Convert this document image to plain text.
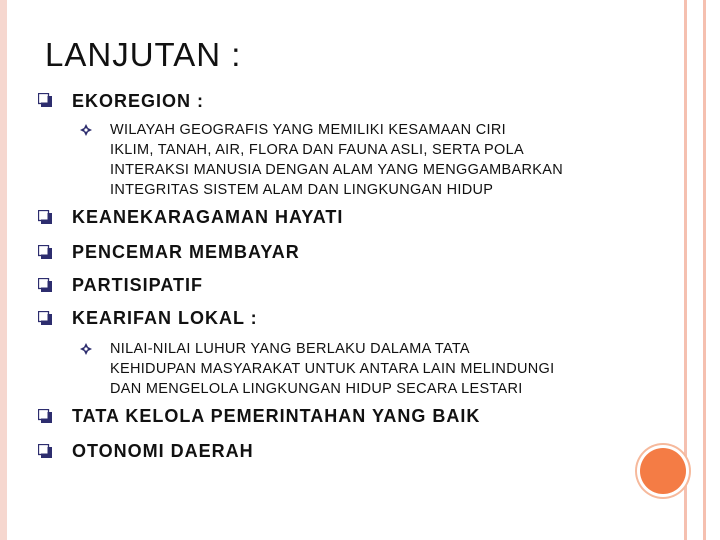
LANJUTAN :
EKOREGION :
WILAYAH GEOGRAFIS YANG MEMILIKI KESAMAAN CIRI
IKLIM, TANAH, AIR, FLORA DAN FAUNA ASLI, SERTA POLA
INTERAKSI MANUSIA DENGAN ALAM YANG MENGGAMBARKAN
INTEGRITAS SISTEM ALAM DAN LINGKUNGAN HIDUP
KEANEKARAGAMAN HAYATI
PENCEMAR MEMBAYAR
PARTISIPATIF
KEARIFAN LOKAL :
NILAI-NILAI LUHUR YANG BERLAKU DALAMA TATA
KEHIDUPAN MASYARAKAT UNTUK ANTARA LAIN MELINDUNGI
DAN MENGELOLA LINGKUNGAN HIDUP SECARA LESTARI
TATA KELOLA PEMERINTAHAN YANG BAIK
OTONOMI DAERAH
